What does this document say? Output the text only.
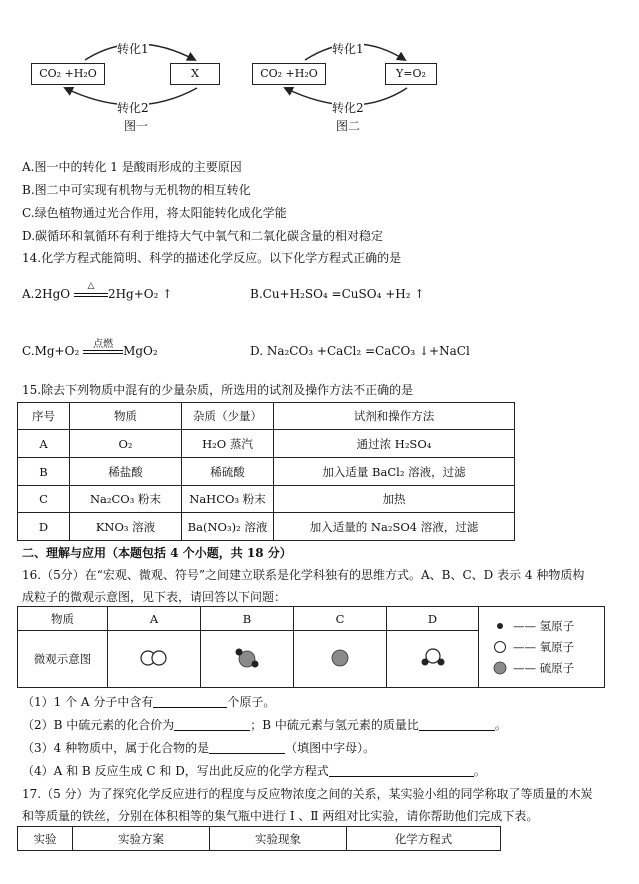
CO₂ +H₂O	X
转化1
转化2
图一
CO₂ +H₂O	Y=O₂
转化1
转化2
图二
A.图一中的转化 1 是酸雨形成的主要原因
B.图二中可实现有机物与无机物的相互转化
C.绿色植物通过光合作用，将太阳能转化成化学能
D.碳循环和氧循环有利于维持大气中氧气和二氧化碳含量的相对稳定
14.化学方程式能简明、科学的描述化学反应。以下化学方程式正确的是
A.2HgO
△
2Hg+O₂ ↑	B.Cu+H₂SO₄ =CuSO₄ +H₂ ↑
C.Mg+O₂	点燃 MgO₂	D. Na₂CO₃ +CaCl₂ =CaCO₃ ↓+NaCl
15.除去下列物质中混有的少量杂质，所选用的试剂及操作方法不正确的是
序号	物质	杂质（少量）	试剂和操作方法
A	O₂	H₂O 蒸汽	通过浓 H₂SO₄
B	稀盐酸	稀硫酸	加入适量 BaCl₂ 溶液，过滤
C	Na₂CO₃ 粉末	NaHCO₃ 粉末	加热
D	KNO₃ 溶液	Ba(NO₃)₂ 溶液	加入适量的 Na₂SO4 溶液，过滤
二、理解与应用（本题包括 4 个小题，共 18 分）
16.（5分）在“宏观、微观、符号”之间建立联系是化学科独有的思维方式。A、B、C、D 表示 4 种物质构
成粒子的微观示意图，见下表，请回答以下问题：
物质	A	B	C	D	—— 氢原子
—— 氧原子
—— 硫原子

微观示意图				
（1）1 个 A 分子中含有	个原子。
（2）B 中硫元素的化合价为	；B 中硫元素与氢元素的质量比	。
（3）4 种物质中，属于化合物的是	（填图中字母）。
（4）A 和 B 反应生成 C 和 D，写出此反应的化学方程式	。
17.（5 分）为了探究化学反应进行的程度与反应物浓度之间的关系，某实验小组的同学称取了等质量的木炭
和等质量的铁丝，分别在体积相等的集气瓶中进行 Ⅰ 、Ⅱ 两组对比实验，请你帮助他们完成下表。
实验	实验方案	实验现象	化学方程式
